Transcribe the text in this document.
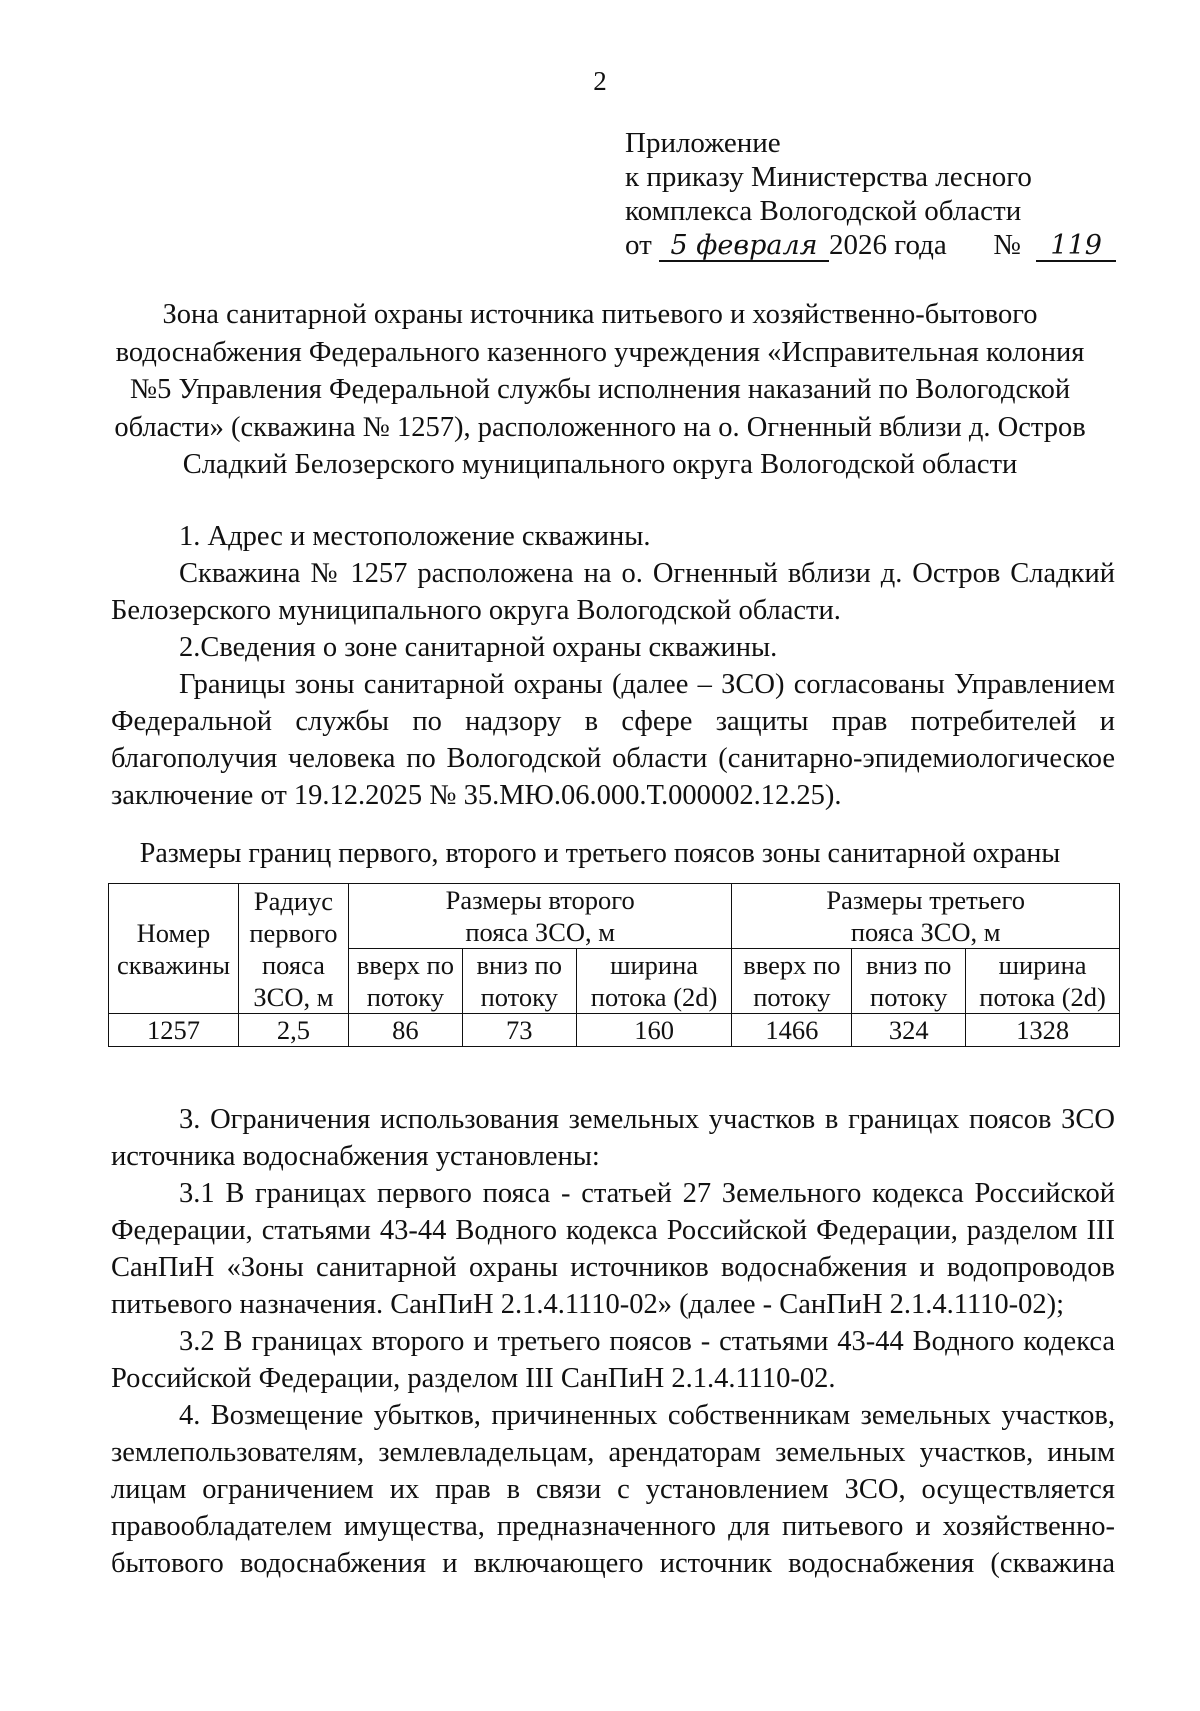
2
Приложение
к приказу Министерства лесного
комплекса Вологодской области
от 5 февраля 2026 года № 119
Зона санитарной охраны источника питьевого и хозяйственно-бытового
водоснабжения Федерального казенного учреждения «Исправительная колония
№5 Управления Федеральной службы исполнения наказаний по Вологодской
области» (скважина № 1257), расположенного на о. Огненный вблизи д. Остров
Сладкий Белозерского муниципального округа Вологодской области
1. Адрес и местоположение скважины.
Скважина № 1257 расположена на о. Огненный вблизи д. Остров Сладкий
Белозерского муниципального округа Вологодской области.
2.Сведения о зоне санитарной охраны скважины.
Границы зоны санитарной охраны (далее – ЗСО) согласованы Управлением
Федеральной службы по надзору в сфере защиты прав потребителей и
благополучия человека по Вологодской области (санитарно-эпидемиологическое
заключение от 19.12.2025 № 35.МЮ.06.000.Т.000002.12.25).
Размеры границ первого, второго и третьего поясов зоны санитарной охраны
Номер скважины	Радиус первого пояса ЗСО, м	Размеры второго пояса ЗСО, м			Размеры третьего пояса ЗСО, м		
		вверх по потоку	вниз по потоку	ширина потока (2d)	вверх по потоку	вниз по потоку	ширина потока (2d)
1257	2,5	86	73	160	1466	324	1328
3. Ограничения использования земельных участков в границах поясов ЗСО
источника водоснабжения установлены:
3.1 В границах первого пояса - статьей 27 Земельного кодекса Российской
Федерации, статьями 43-44 Водного кодекса Российской Федерации, разделом III
СанПиН «Зоны санитарной охраны источников водоснабжения и водопроводов
питьевого назначения. СанПиН 2.1.4.1110-02» (далее - СанПиН 2.1.4.1110-02);
3.2 В границах второго и третьего поясов - статьями 43-44 Водного кодекса
Российской Федерации, разделом III СанПиН 2.1.4.1110-02.
4. Возмещение убытков, причиненных собственникам земельных участков,
землепользователям, землевладельцам, арендаторам земельных участков, иным
лицам ограничением их прав в связи с установлением ЗСО, осуществляется
правообладателем имущества, предназначенного для питьевого и хозяйственно-
бытового водоснабжения и включающего источник водоснабжения (скважина
